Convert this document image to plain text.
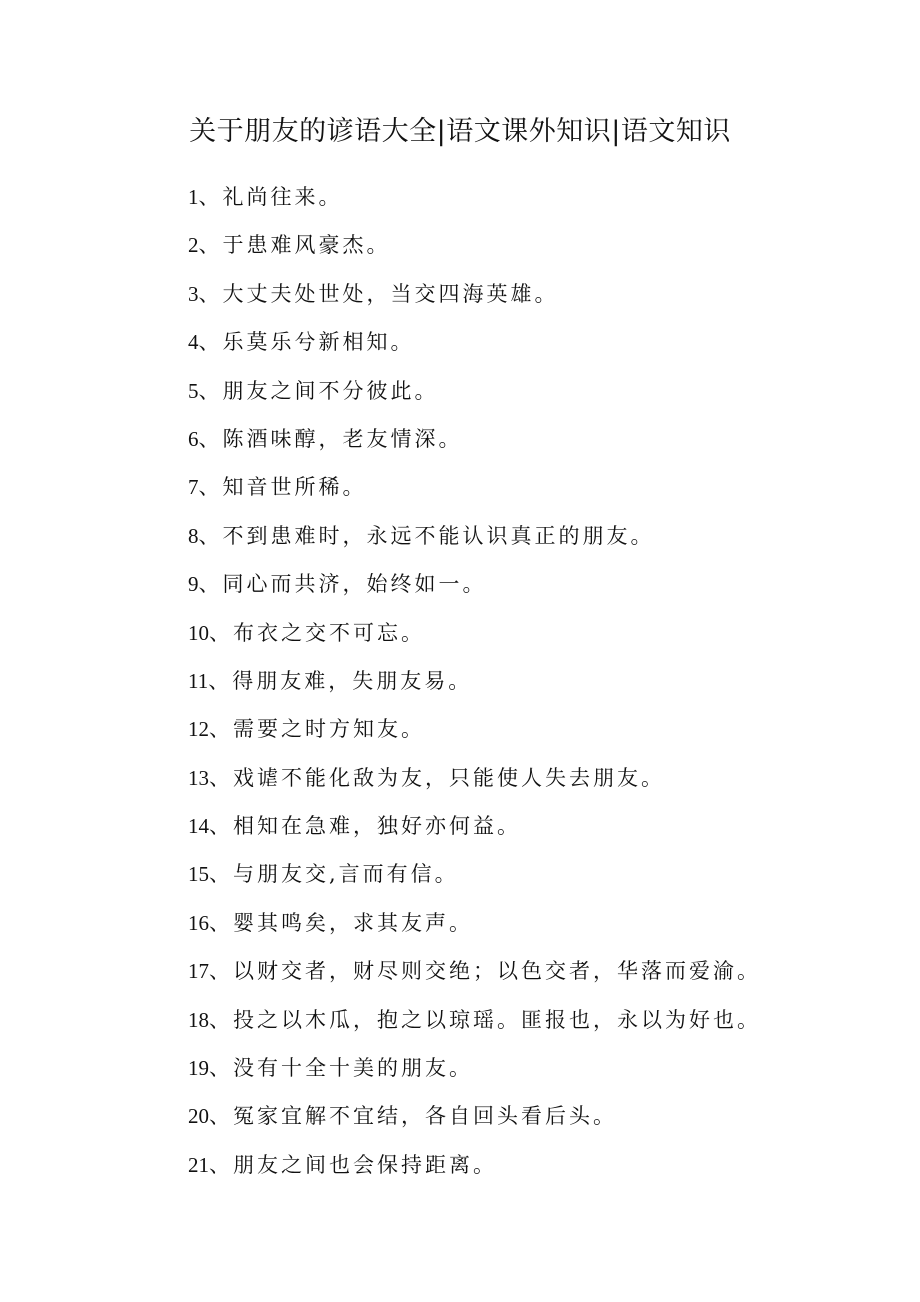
关于朋友的谚语大全|语文课外知识|语文知识
1 、 礼尚往来。
2 、 于患难风豪杰。
3 、 大丈夫处世处，当交四海英雄。
4 、 乐莫乐兮新相知。
5 、 朋友之间不分彼此。
6 、 陈酒味醇，老友情深。
7 、 知音世所稀。
8 、 不到患难时，永远不能认识真正的朋友。
9 、 同心而共济，始终如一。
10 、 布衣之交不可忘。
11 、 得朋友难，失朋友易。
12 、 需要之时方知友。
13 、 戏谑不能化敌为友，只能使人失去朋友。
14 、 相知在急难，独好亦何益。
15 、 与朋友交,言而有信。
16 、 婴其鸣矣，求其友声。
17 、 以财交者，财尽则交绝；以色交者，华落而爱渝。
18 、 投之以木瓜，抱之以琼瑶。匪报也，永以为好也。
19 、 没有十全十美的朋友。
20 、 冤家宜解不宜结，各自回头看后头。
21 、 朋友之间也会保持距离。
